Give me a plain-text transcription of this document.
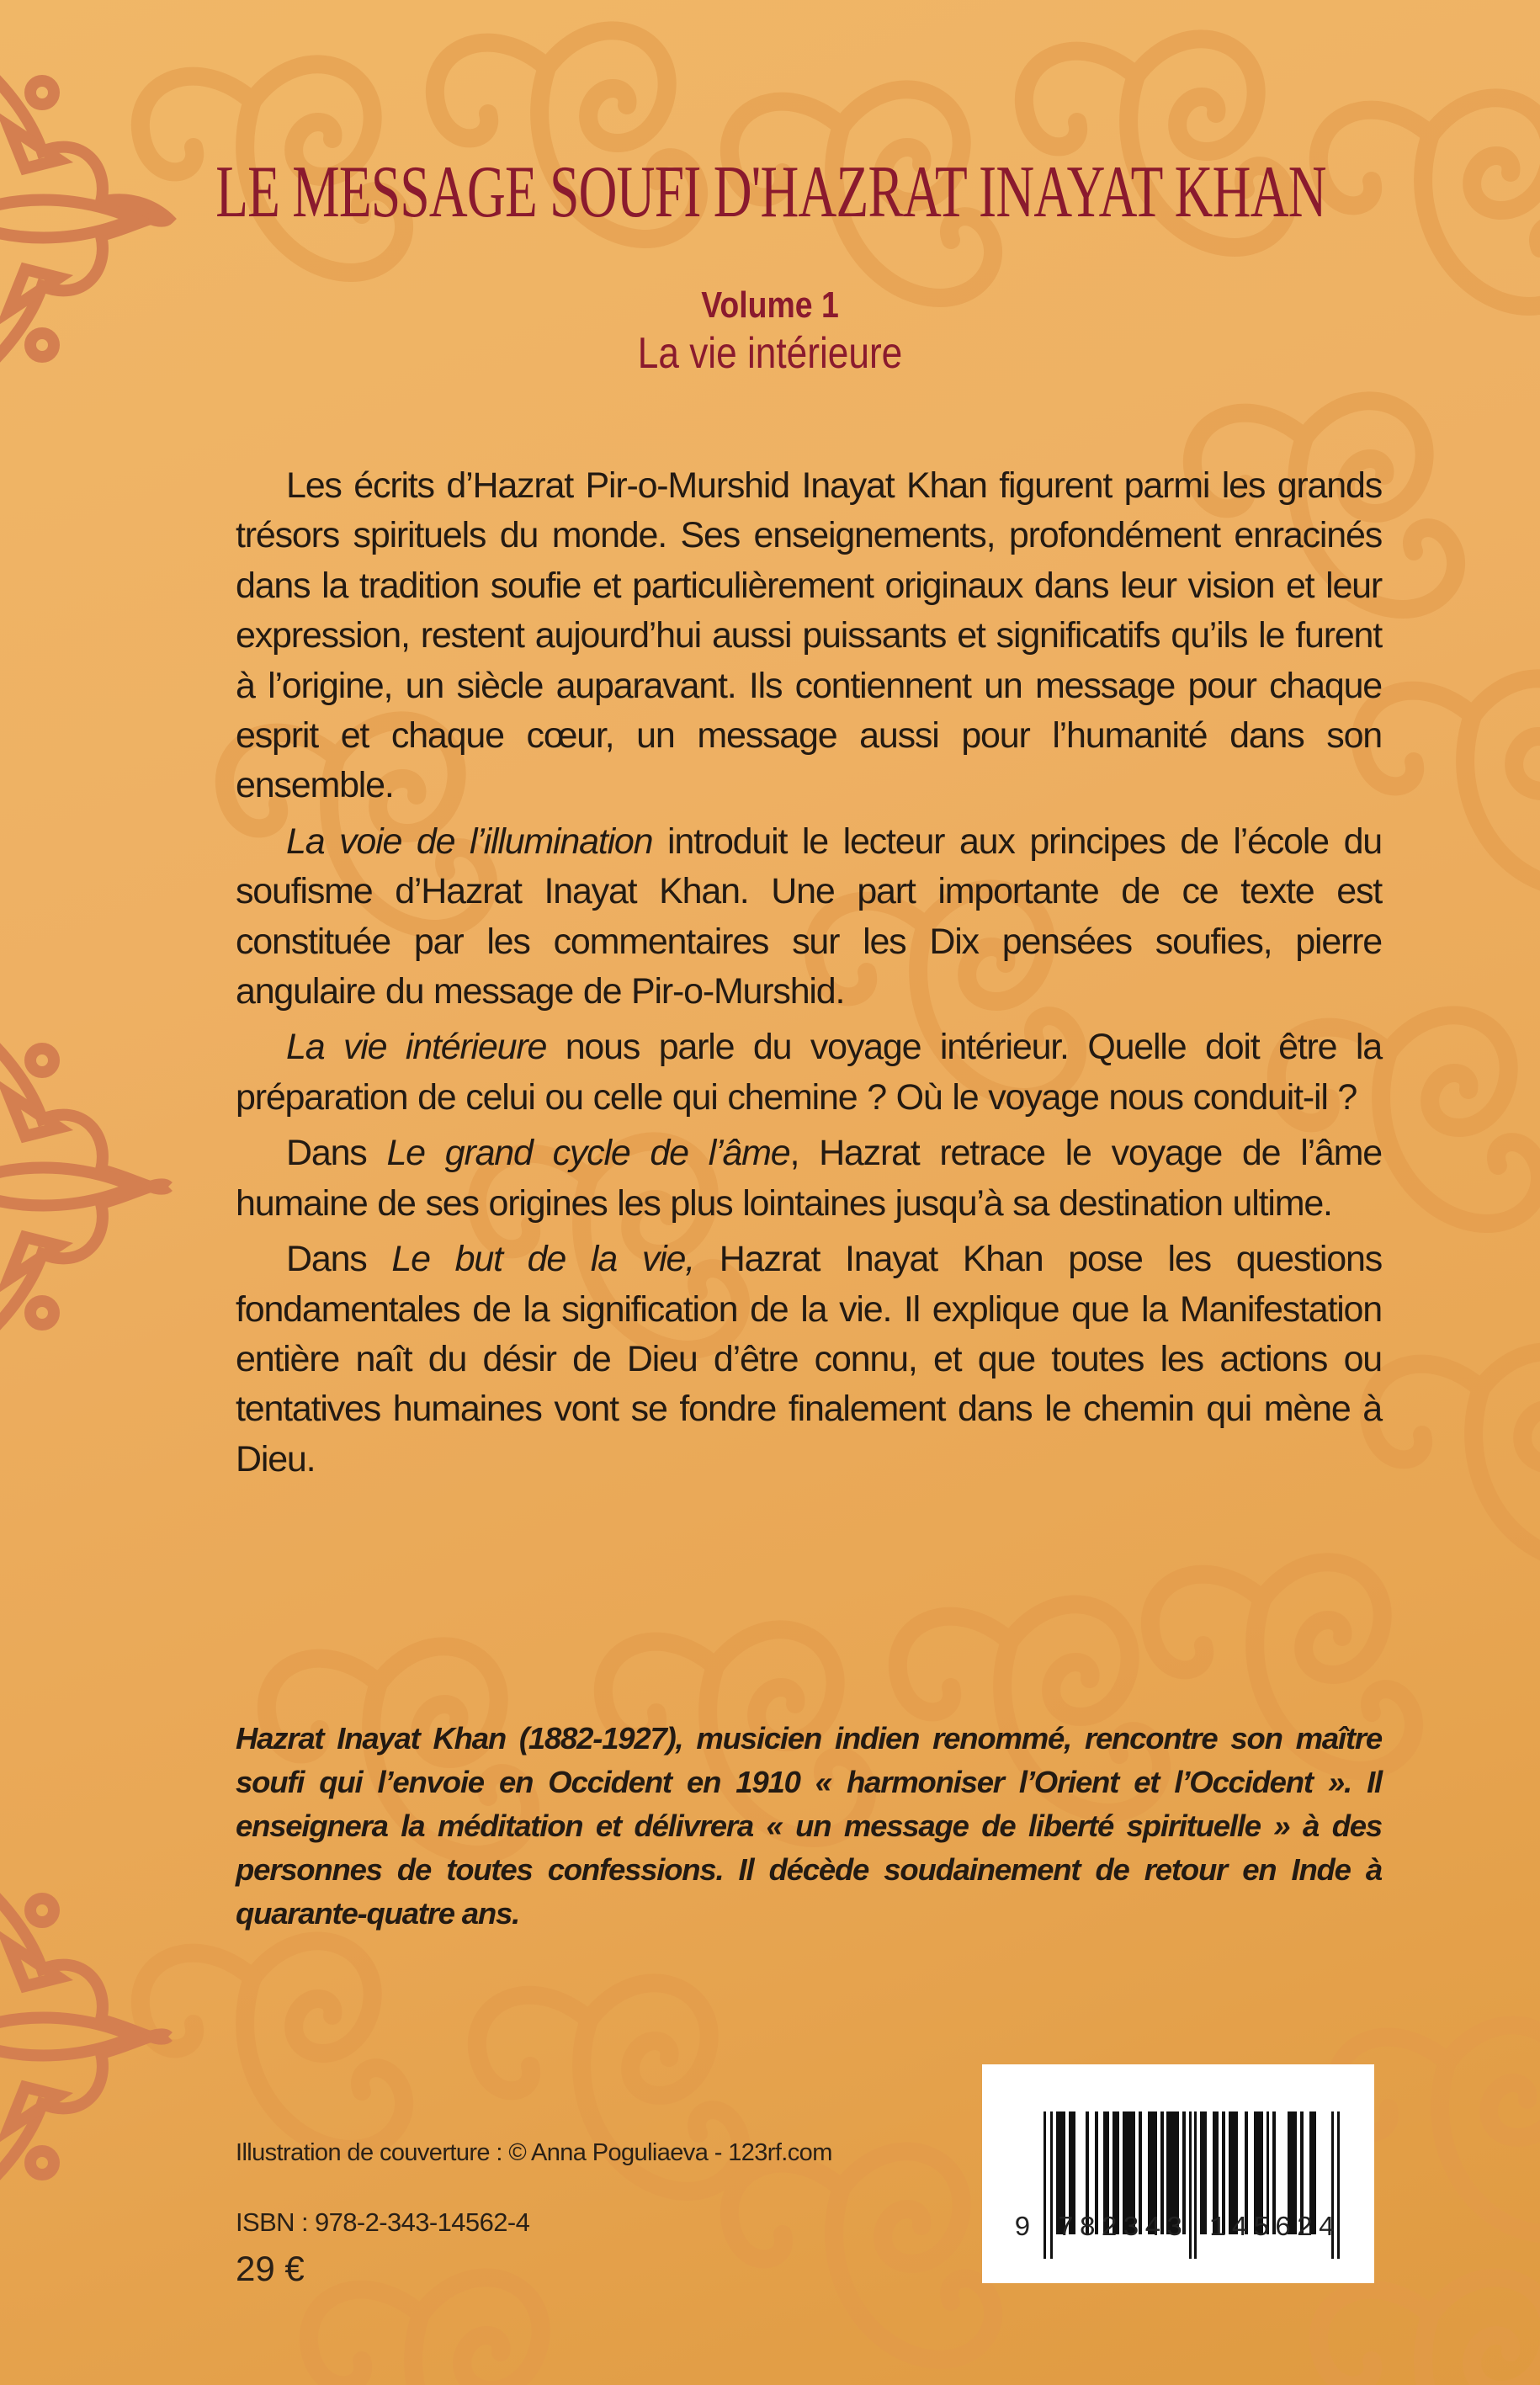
LE MESSAGE SOUFI D'HAZRAT INAYAT KHAN
Volume 1
La vie intérieure

Les écrits d’Hazrat Pir-o-Murshid Inayat Khan figurent parmi les grands trésors spirituels du monde. Ses enseignements, profondément enracinés dans la tradition soufie et particulièrement originaux dans leur vision et leur expression, restent aujourd’hui aussi puissants et significatifs qu’ils le furent à l’origine, un siècle auparavant. Ils contiennent un message pour chaque esprit et chaque cœur, un message aussi pour l’humanité dans son ensemble.

La voie de l’illumination introduit le lecteur aux principes de l’école du soufisme d’Hazrat Inayat Khan. Une part importante de ce texte est constituée par les commentaires sur les Dix pensées soufies, pierre angulaire du message de Pir-o-Murshid.

La vie intérieure nous parle du voyage intérieur. Quelle doit être la préparation de celui ou celle qui chemine ? Où le voyage nous conduit-il ?

Dans Le grand cycle de l’âme, Hazrat retrace le voyage de l’âme humaine de ses origines les plus lointaines jusqu’à sa destination ultime.

Dans Le but de la vie, Hazrat Inayat Khan pose les questions fondamentales de la signification de la vie. Il explique que la Manifestation entière naît du désir de Dieu d’être connu, et que toutes les actions ou tentatives humaines vont se fondre finalement dans le chemin qui mène à Dieu.

Hazrat Inayat Khan (1882-1927), musicien indien renommé, rencontre son maître soufi qui l’envoie en Occident en 1910 « harmoniser l’Orient et l’Occident ». Il enseignera la méditation et délivrera « un message de liberté spirituelle » à des personnes de toutes confessions. Il décède soudainement de retour en Inde à quarante-quatre ans.
Illustration de couverture : © Anna Poguliaeva - 123rf.com
ISBN : 978-2-343-14562-4
29 €
9 782343 145624
